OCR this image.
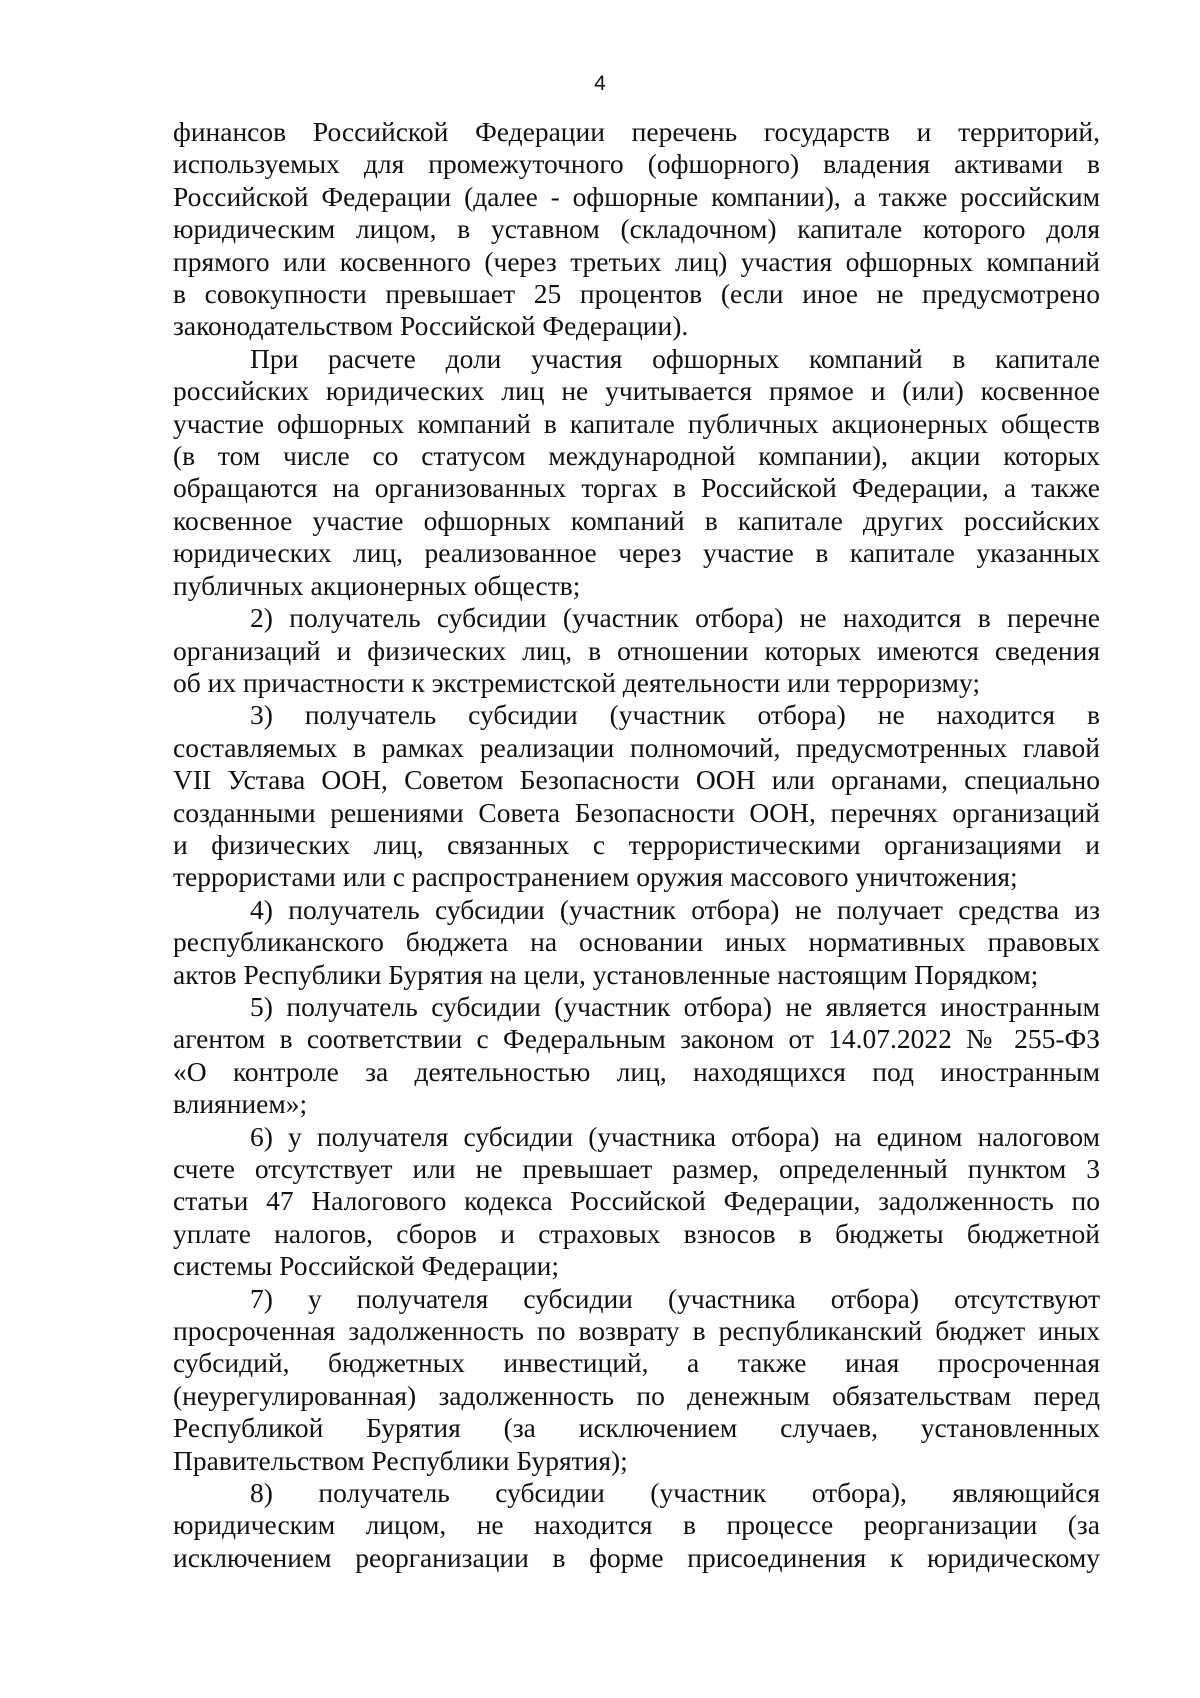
4

финансов Российской Федерации перечень государств и территорий,
используемых для промежуточного (офшорного) владения активами в
Российской Федерации (далее - офшорные компании), а также российским
юридическим лицом, в уставном (складочном) капитале которого доля
прямого или косвенного (через третьих лиц) участия офшорных компаний
в совокупности превышает 25 процентов (если иное не предусмотрено
законодательством Российской Федерации).

При расчете доли участия офшорных компаний в капитале
российских юридических лиц не учитывается прямое и (или) косвенное
участие офшорных компаний в капитале публичных акционерных обществ
(в том числе со статусом международной компании), акции которых
обращаются на организованных торгах в Российской Федерации, а также
косвенное участие офшорных компаний в капитале других российских
юридических лиц, реализованное через участие в капитале указанных
публичных акционерных обществ;

2) получатель субсидии (участник отбора) не находится в перечне
организаций и физических лиц, в отношении которых имеются сведения
об их причастности к экстремистской деятельности или терроризму;

3) получатель субсидии (участник отбора) не находится в
составляемых в рамках реализации полномочий, предусмотренных главой
VII Устава ООН, Советом Безопасности ООН или органами, специально
созданными решениями Совета Безопасности ООН, перечнях организаций
и физических лиц, связанных с террористическими организациями и
террористами или с распространением оружия массового уничтожения;

4) получатель субсидии (участник отбора) не получает средства из
республиканского бюджета на основании иных нормативных правовых
актов Республики Бурятия на цели, установленные настоящим Порядком;

5) получатель субсидии (участник отбора) не является иностранным
агентом в соответствии с Федеральным законом от 14.07.2022 № 255-ФЗ
«О контроле за деятельностью лиц, находящихся под иностранным
влиянием»;

6) у получателя субсидии (участника отбора) на едином налоговом
счете отсутствует или не превышает размер, определенный пунктом 3
статьи 47 Налогового кодекса Российской Федерации, задолженность по
уплате налогов, сборов и страховых взносов в бюджеты бюджетной
системы Российской Федерации;

7) у получателя субсидии (участника отбора) отсутствуют
просроченная задолженность по возврату в республиканский бюджет иных
субсидий, бюджетных инвестиций, а также иная просроченная
(неурегулированная) задолженность по денежным обязательствам перед
Республикой Бурятия (за исключением случаев, установленных
Правительством Республики Бурятия);

8) получатель субсидии (участник отбора), являющийся
юридическим лицом, не находится в процессе реорганизации (за
исключением реорганизации в форме присоединения к юридическому
